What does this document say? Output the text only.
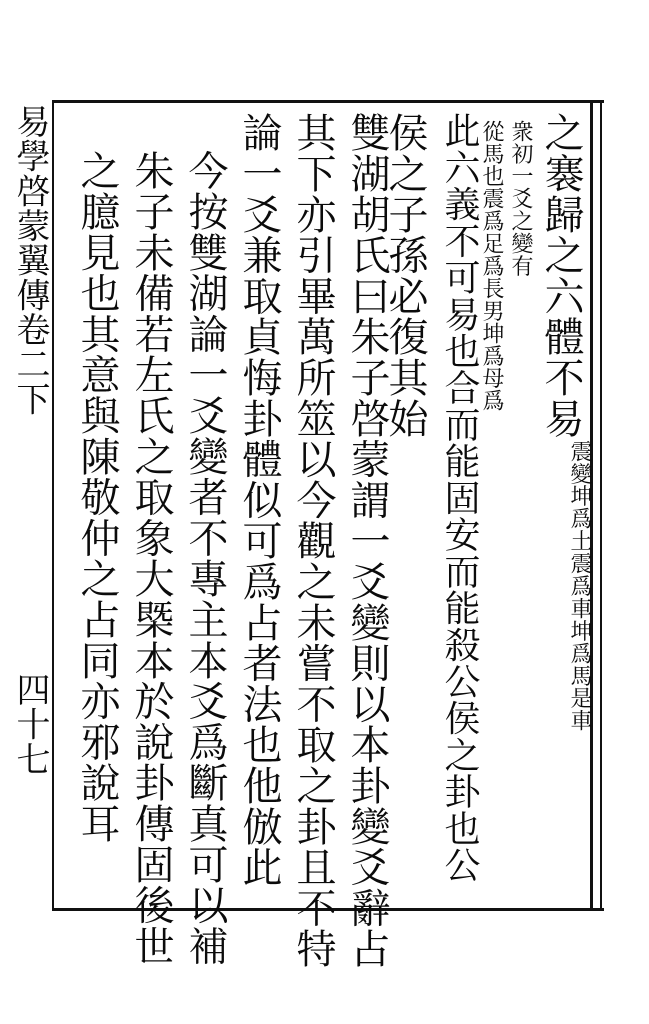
之褰歸之六體不易
震變坤爲土震爲車坤爲馬是車
衆初一爻之變有
從馬也震爲足爲長男坤爲母爲
此六義不可易也合而能固安而能殺公侯之卦也公
侯之子孫必復其始
雙湖胡氏曰朱子啓蒙謂一爻變則以本卦變爻辭占
其下亦引畢萬所筮以今觀之未嘗不取之卦且不特
論一爻兼取貞悔卦體似可爲占者法也他倣此
今按雙湖論一爻變者不專主本爻爲斷真可以補
朱子未備若左氏之取象大槩本於說卦傳固後世
之臆見也其意與陳敬仲之占同亦邪說耳
易學啓蒙翼傳卷二下
四十七
